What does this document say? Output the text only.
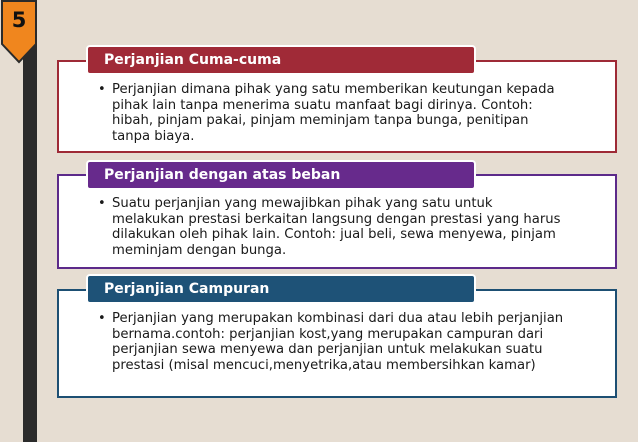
5
Perjanjian Cuma-cuma
• Perjanjian dimana pihak yang satu memberikan keutungan kepada pihak lain tanpa menerima suatu manfaat bagi dirinya. Contoh: hibah, pinjam pakai, pinjam meminjam tanpa bunga, penitipan tanpa biaya.

Perjanjian dengan atas beban
• Suatu perjanjian yang mewajibkan pihak yang satu untuk melakukan prestasi berkaitan langsung dengan prestasi yang harus dilakukan oleh pihak lain. Contoh: jual beli, sewa menyewa, pinjam meminjam dengan bunga.

Perjanjian Campuran
• Perjanjian yang merupakan kombinasi dari dua atau lebih perjanjian bernama.contoh: perjanjian kost,yang merupakan campuran dari perjanjian sewa menyewa dan perjanjian untuk melakukan suatu prestasi (misal mencuci,menyetrika,atau membersihkan kamar)
